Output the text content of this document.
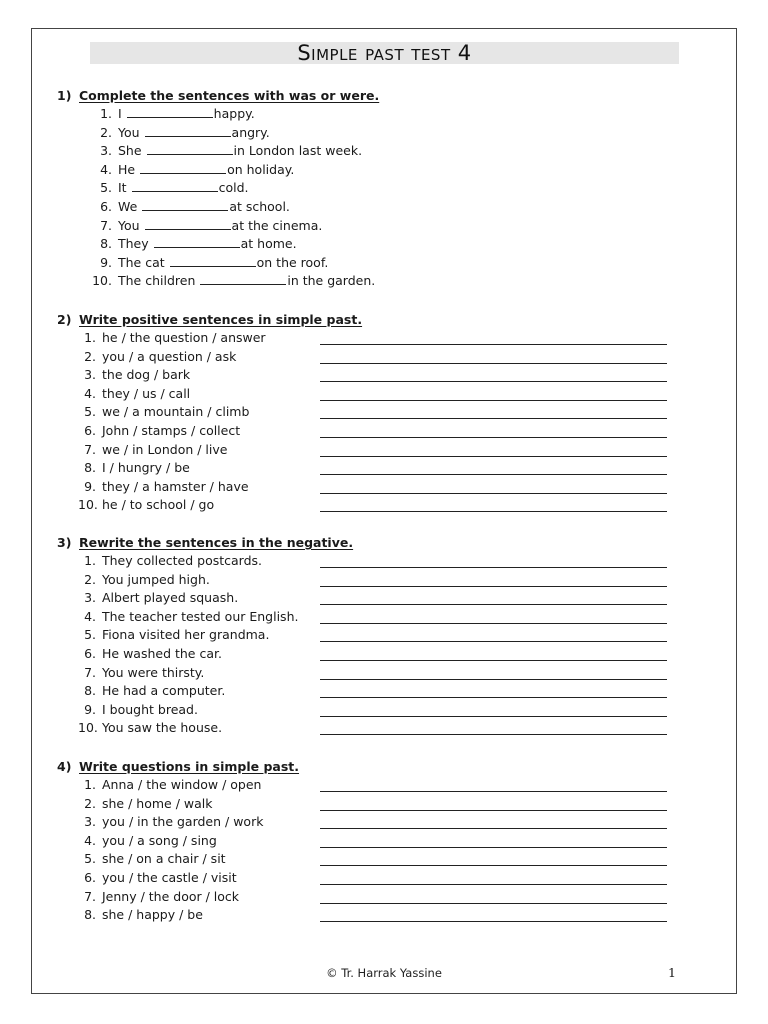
Simple past test 4
1) Complete the sentences with was or were.
1. I	happy.
2. You	angry.
3. She	in London last week.
4. He	on holiday.
5. It	cold.
6. We	at school.
7. You	at the cinema.
8. They	at home.
9. The cat	on the roof.
10. The children	in the garden.
2) Write positive sentences in simple past.
1. he / the question / answer
2. you / a question / ask
3. the dog / bark
4. they / us / call
5. we / a mountain / climb
6. John / stamps / collect
7. we / in London / live
8. I / hungry / be
9. they / a hamster / have
10. he / to school / go
3) Rewrite the sentences in the negative.
1. They collected postcards.
2. You jumped high.
3. Albert played squash.
4. The teacher tested our English.
5. Fiona visited her grandma.
6. He washed the car.
7. You were thirsty.
8. He had a computer.
9. I bought bread.
10. You saw the house.
4) Write questions in simple past.
1. Anna / the window / open
2. she / home / walk
3. you / in the garden / work
4. you / a song / sing
5. she / on a chair / sit
6. you / the castle / visit
7. Jenny / the door / lock
8. she / happy / be
© Tr. Harrak Yassine	1
